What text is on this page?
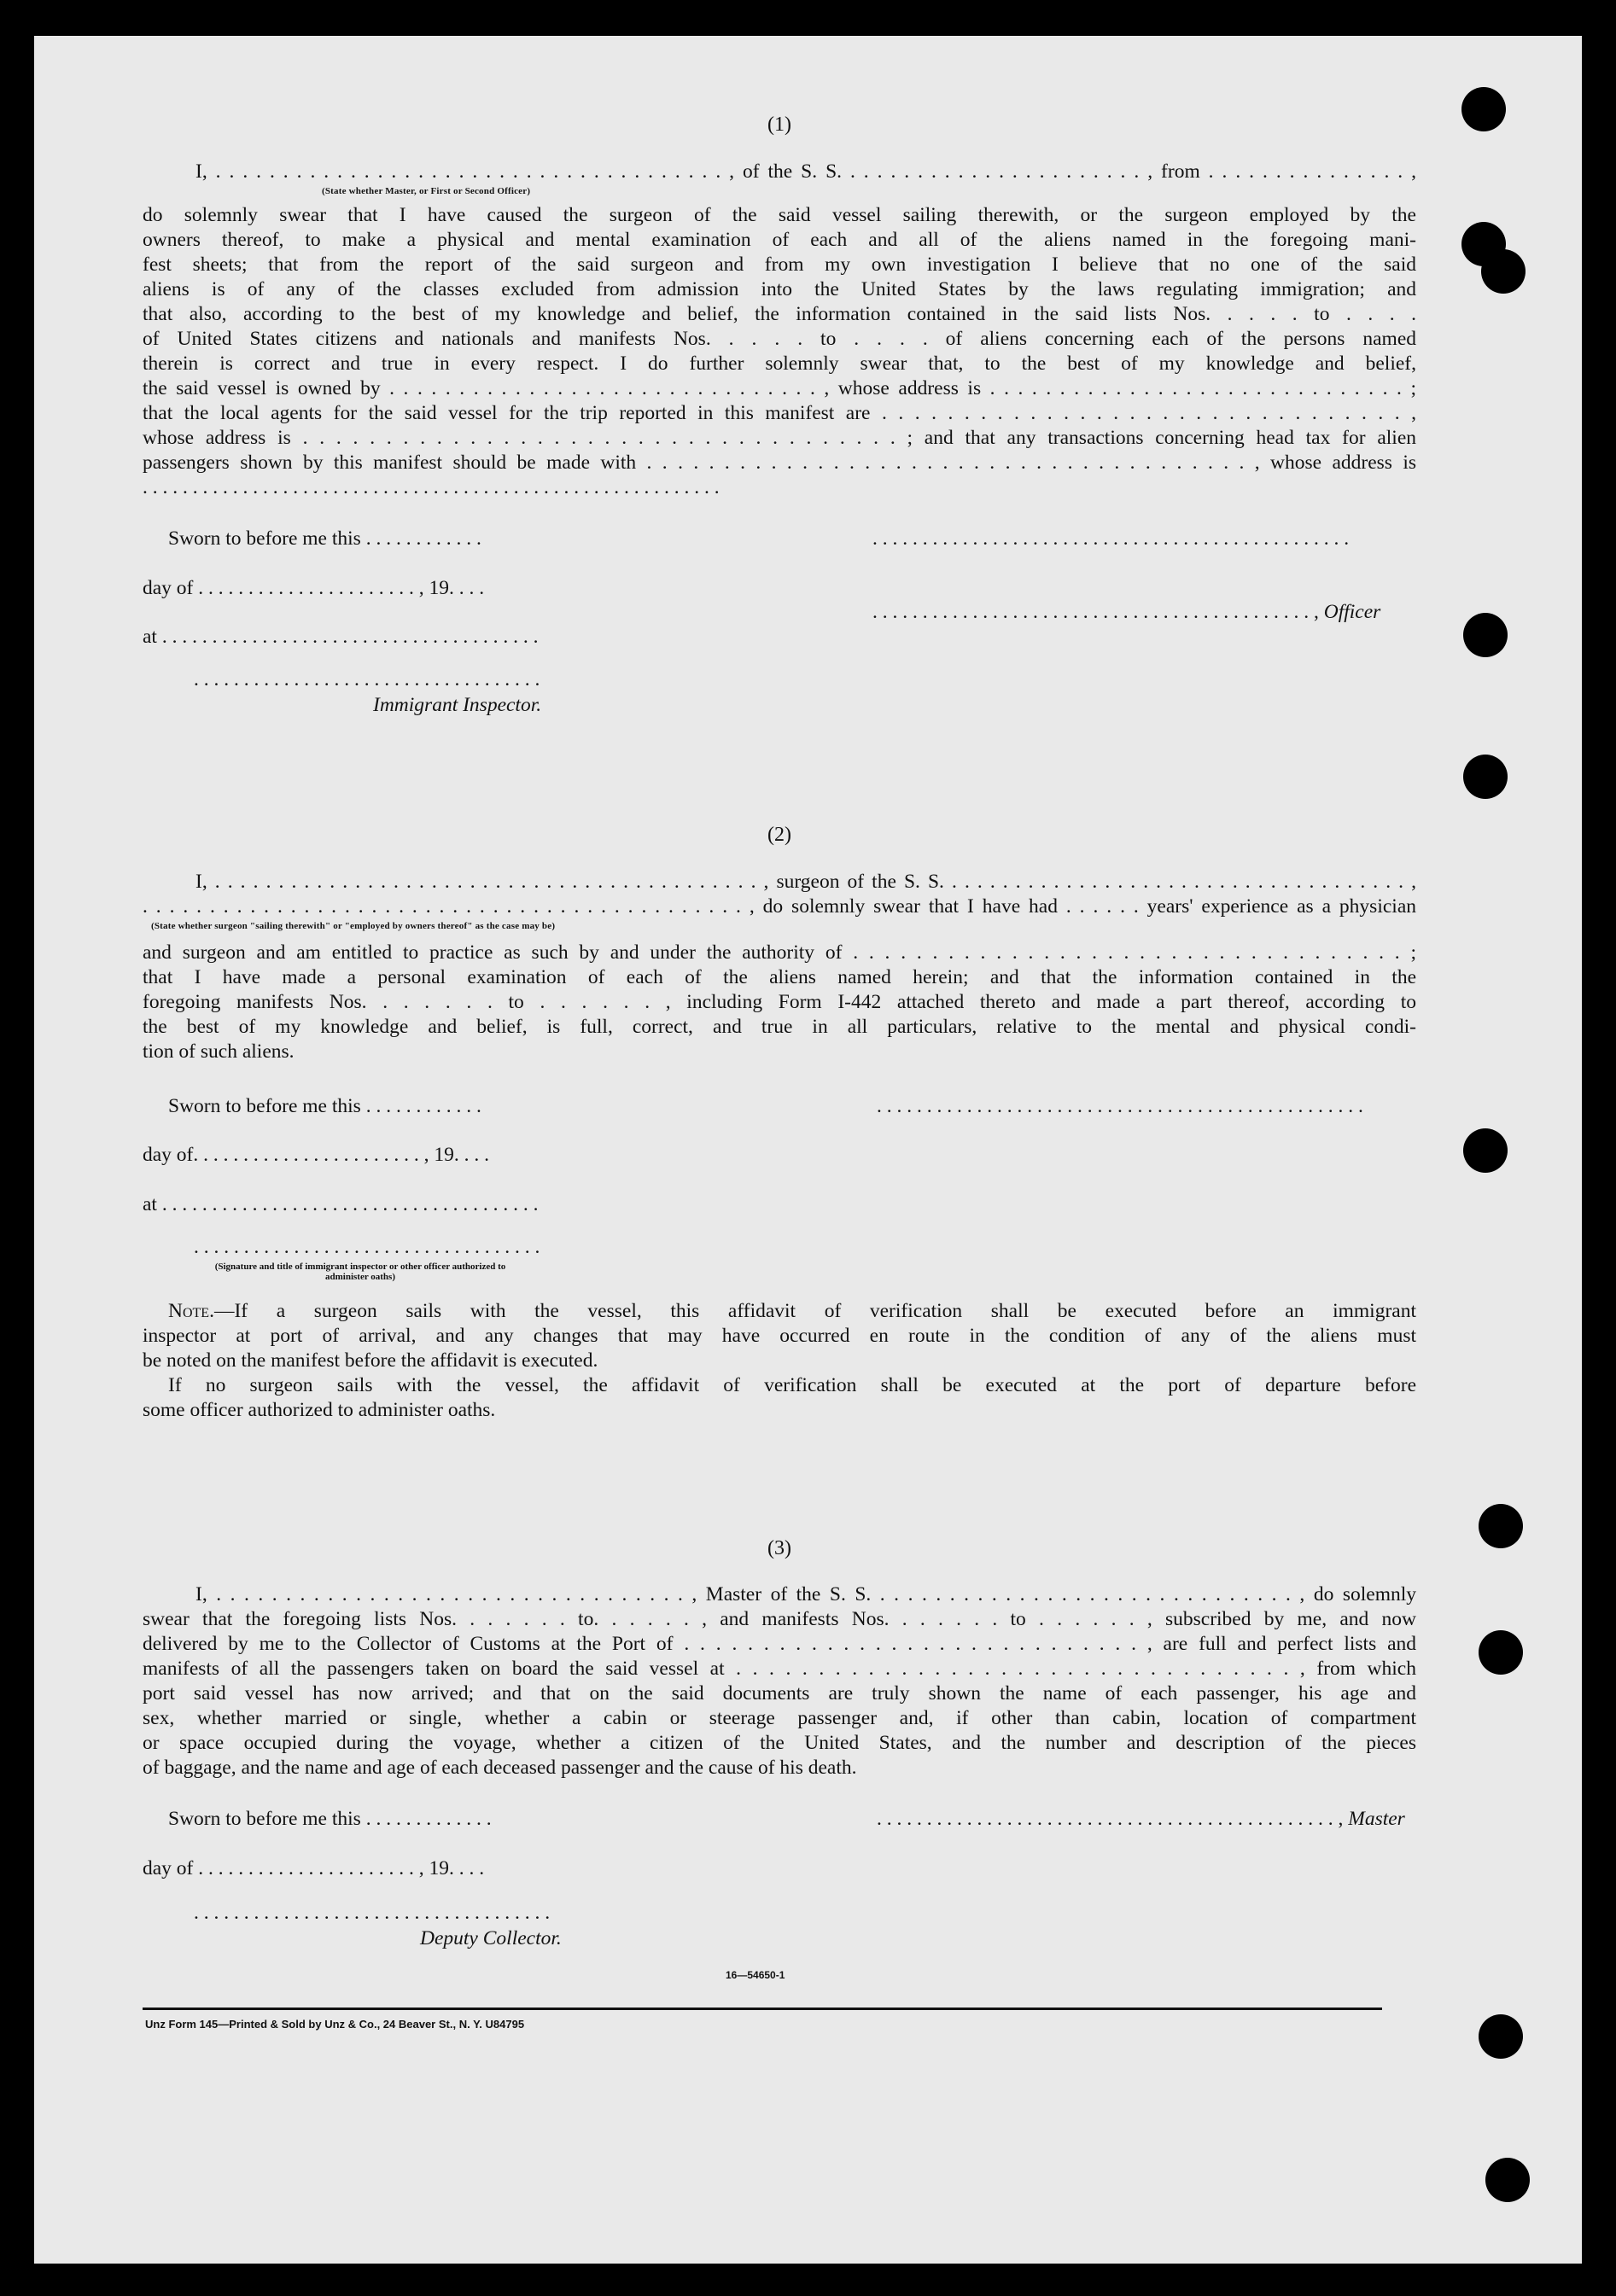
(1)
I, . . . . . . . . . . . . . . . . . . . . . . . . . . . . . . . . . . . . . . , of the S. S. . . . . . . . . . . . . . . . . . . . . . . , from . . . . . . . . . . . . . . . ,
(State whether Master, or First or Second Officer)
do solemnly swear that I have caused the surgeon of the said vessel sailing therewith, or the surgeon employed by the
owners thereof, to make a physical and mental examination of each and all of the aliens named in the foregoing mani-
fest sheets; that from the report of the said surgeon and from my own investigation I believe that no one of the said
aliens is of any of the classes excluded from admission into the United States by the laws regulating immigration; and
that also, according to the best of my knowledge and belief, the information contained in the said lists Nos. . . . . to . . . .
of United States citizens and nationals and manifests Nos. . . . . to . . . . of aliens concerning each of the persons named
therein is correct and true in every respect. I do further solemnly swear that, to the best of my knowledge and belief,
the said vessel is owned by . . . . . . . . . . . . . . . . . . . . . . . . . . . . . . . , whose address is . . . . . . . . . . . . . . . . . . . . . . . . . . . . . . ;
that the local agents for the said vessel for the trip reported in this manifest are . . . . . . . . . . . . . . . . . . . . . . . . . . . . . . . . ,
whose address is . . . . . . . . . . . . . . . . . . . . . . . . . . . . . . . . . . . . ; and that any transactions concerning head tax for alien
passengers shown by this manifest should be made with . . . . . . . . . . . . . . . . . . . . . . . . . . . . . . . . . . . . . . . , whose address is
. . . . . . . . . . . . . . . . . . . . . . . . . . . . . . . . . . . . . . . . . . . . . . . . . . . . . . . . . .
Sworn to before me this . . . . . . . . . . . .	. . . . . . . . . . . . . . . . . . . . . . . . . . . . . . . . . . . . . . . . . . . . . . . .
day of . . . . . . . . . . . . . . . . . . . . . . , 19. . . .
. . . . . . . . . . . . . . . . . . . . . . . . . . . . . . . . . . . . . . . . . . . . , Officer
at . . . . . . . . . . . . . . . . . . . . . . . . . . . . . . . . . . . . . .
. . . . . . . . . . . . . . . . . . . . . . . . . . . . . . . . . . .
Immigrant Inspector.
(2)
I, . . . . . . . . . . . . . . . . . . . . . . . . . . . . . . . . . . . . . . . . . . . , surgeon of the S. S. . . . . . . . . . . . . . . . . . . . . . . . . . . . . . . . . . . . . ,
. . . . . . . . . . . . . . . . . . . . . . . . . . . . . . . . . . . . . . . . . . . . . , do solemnly swear that I have had . . . . . . years' experience as a physician
(State whether surgeon "sailing therewith" or "employed by owners thereof" as the case may be)
and surgeon and am entitled to practice as such by and under the authority of . . . . . . . . . . . . . . . . . . . . . . . . . . . . . . . . . . . ;
that I have made a personal examination of each of the aliens named herein; and that the information contained in the
foregoing manifests Nos. . . . . . . to . . . . . . , including Form I-442 attached thereto and made a part thereof, according to
the best of my knowledge and belief, is full, correct, and true in all particulars, relative to the mental and physical condi-
tion of such aliens.
Sworn to before me this . . . . . . . . . . . .	. . . . . . . . . . . . . . . . . . . . . . . . . . . . . . . . . . . . . . . . . . . . . . . . .
day of. . . . . . . . . . . . . . . . . . . . . . . , 19. . . .
at . . . . . . . . . . . . . . . . . . . . . . . . . . . . . . . . . . . . . .
. . . . . . . . . . . . . . . . . . . . . . . . . . . . . . . . . . .
(Signature and title of immigrant inspector or other officer authorized to administer oaths)
Note.—If a surgeon sails with the vessel, this affidavit of verification shall be executed before an immigrant
inspector at port of arrival, and any changes that may have occurred en route in the condition of any of the aliens must
be noted on the manifest before the affidavit is executed.
If no surgeon sails with the vessel, the affidavit of verification shall be executed at the port of departure before
some officer authorized to administer oaths.
(3)
I, . . . . . . . . . . . . . . . . . . . . . . . . . . . . . . . . . . , Master of the S. S. . . . . . . . . . . . . . . . . . . . . . . . . . . . . . . , do solemnly
swear that the foregoing lists Nos. . . . . . . to. . . . . . , and manifests Nos. . . . . . . to . . . . . . , subscribed by me, and now
delivered by me to the Collector of Customs at the Port of . . . . . . . . . . . . . . . . . . . . . . . . . . . . . , are full and perfect lists and
manifests of all the passengers taken on board the said vessel at . . . . . . . . . . . . . . . . . . . . . . . . . . . . . . . . . . , from which
port said vessel has now arrived; and that on the said documents are truly shown the name of each passenger, his age and
sex, whether married or single, whether a cabin or steerage passenger and, if other than cabin, location of compartment
or space occupied during the voyage, whether a citizen of the United States, and the number and description of the pieces
of baggage, and the name and age of each deceased passenger and the cause of his death.
Sworn to before me this . . . . . . . . . . . . .	. . . . . . . . . . . . . . . . . . . . . . . . . . . . . . . . . . . . . . . . . . . . . . , Master
day of . . . . . . . . . . . . . . . . . . . . . . , 19. . . .
. . . . . . . . . . . . . . . . . . . . . . . . . . . . . . . . . . . .
Deputy Collector.
16—54650-1
Unz Form 145—Printed & Sold by Unz & Co., 24 Beaver St., N. Y. U84795
